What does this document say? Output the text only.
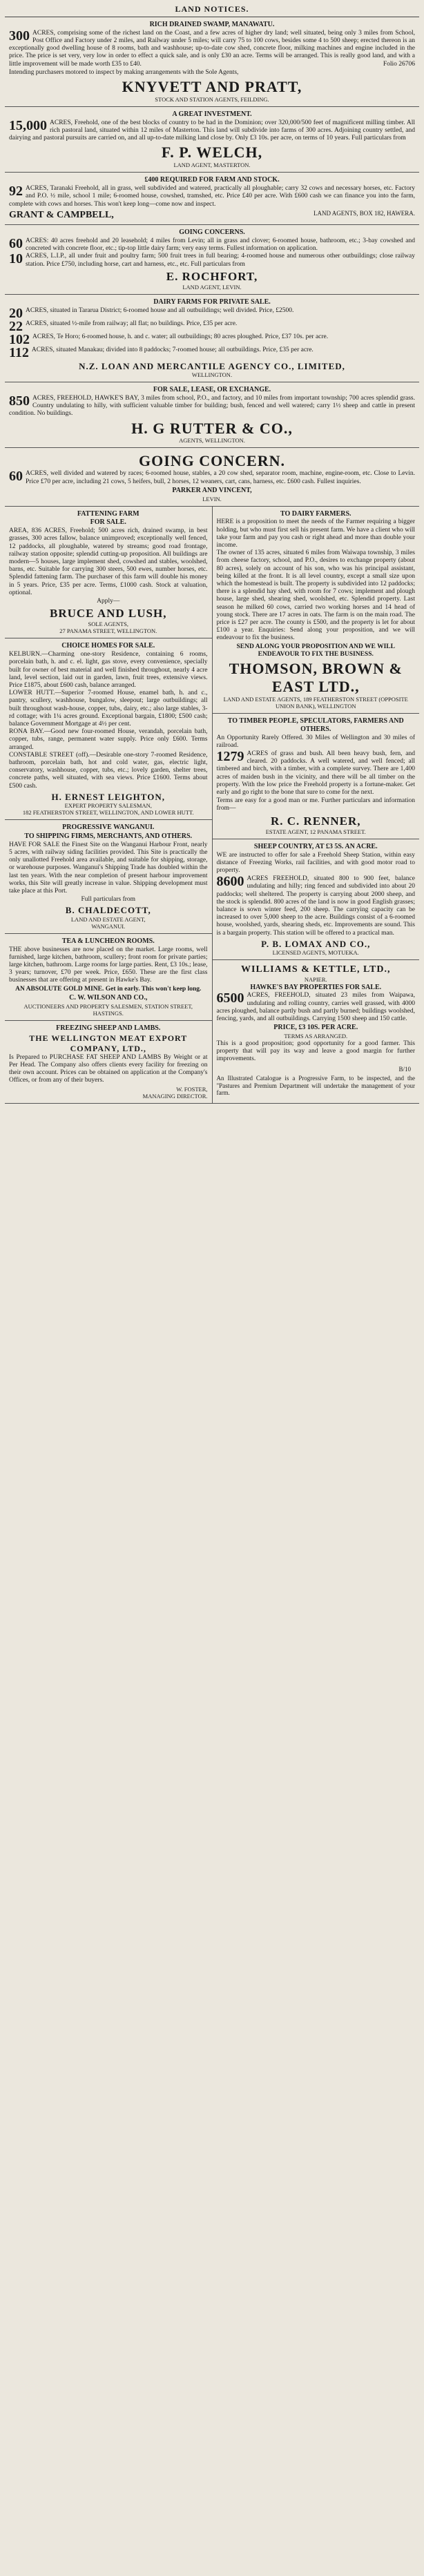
LAND NOTICES.
RICH DRAINED SWAMP, MANAWATU.
300 ACRES, comprising some of the richest land on the Coast, and a few acres of higher dry land; well situated, being only 3 miles from School, Post Office and Factory under 2 miles, and Railway under 5 miles; will carry 75 to 100 cows, besides some 4 to 500 sheep; erected thereon is an exceptionally good dwelling house of 8 rooms, bath and washhouse; up-to-date cow shed, concrete floor, milking machines and engine included in the price. The price is set very, very low in order to effect a quick sale, and is only £30 an acre. Terms will be arranged. This is really good land, and with a little improvement will be made worth £35 to £40.	Folio 26706

Intending purchasers motored to inspect by making arrangements with the Sole Agents,

KNYVETT AND PRATT,
STOCK AND STATION AGENTS, FEILDING.
A GREAT INVESTMENT.
15,000 ACRES, Freehold, one of the best blocks of country to be had in the Dominion; over 320,000/500 feet of magnificent milling timber. All rich pastoral land, situated within 12 miles of Masterton. This land will subdivide into farms of 300 acres. Adjoining country settled, and dairying and pastoral pursuits are carried on, and all up-to-date milking land close by. Only £3 10s. per acre, on terms of 10 years. Full particulars from
F. P. WELCH,
LAND AGENT, MASTERTON.
£400 REQUIRED FOR FARM AND STOCK.
92 ACRES, Taranaki Freehold, all in grass, well subdivided and watered, practically all ploughable; carry 32 cows and necessary horses, etc. Factory and P.O. ½ mile, school 1 mile; 6-roomed house, cowshed, tramshed, etc. Price £40 per acre. With £600 cash we can finance you into the farm, complete with cows and horses. This won't keep long—come now and inspect.
GRANT & CAMPBELL,	LAND AGENTS, BOX 182, HAWERA.
GOING CONCERNS.
60 ACRES: 40 acres freehold and 20 leasehold; 4 miles from Levin; all in grass and clover; 6-roomed house, bathroom, etc.; 3-bay cowshed and concreted with concrete floor, etc.; tip-top little dairy farm; very easy terms. Fullest information on application.
10 ACRES, L.I.P., all under fruit and poultry farm; 500 fruit trees in full bearing; 4-roomed house and numerous other outbuildings; close railway station. Price £750, including horse, cart and harness, etc., etc. Full particulars from
E. ROCHFORT,
LAND AGENT, LEVIN.
DAIRY FARMS FOR PRIVATE SALE.
20 ACRES, situated in Tararua District; 6-roomed house and all outbuildings; well divided. Price, £2500.
22 ACRES, situated ½-mile from railway; all flat; no buildings. Price, £35 per acre.
102 ACRES, Te Horo; 6-roomed house, h. and c. water; all outbuildings; 80 acres ploughed. Price, £37 10s. per acre.
112 ACRES, situated Manakau; divided into 8 paddocks; 7-roomed house; all outbuildings. Price, £35 per acre.
N.Z. LOAN AND MERCANTILE AGENCY CO., LIMITED,
WELLINGTON.
FOR SALE, LEASE, OR EXCHANGE.
850 ACRES, FREEHOLD, HAWKE'S BAY, 3 miles from school, P.O., and factory, and 10 miles from important township; 700 acres splendid grass. Country undulating to hilly, with sufficient valuable timber for building; bush, fenced and well watered; carry 1½ sheep and cattle in present condition. No buildings.
H. G RUTTER & CO.,
AGENTS, WELLINGTON.
GOING CONCERN.
60 ACRES, well divided and watered by races; 6-roomed house, stables, a 20 cow shed, separator room, machine, engine-room, etc. Close to Levin. Price £70 per acre, including 21 cows, 5 heifers, bull, 2 horses, 12 weaners, cart, cans, harness, etc. £600 cash. Fullest inquiries.
PARKER AND VINCENT,
LEVIN.
FATTENING FARM
FOR SALE.

AREA, 836 ACRES, Freehold; 500 acres rich, drained swamp, in best grasses, 300 acres fallow, balance unimproved; exceptionally well fenced, 12 paddocks, all ploughable, watered by streams; good road frontage, railway station opposite; splendid cutting-up proposition. All buildings are modern—5 houses, large implement shed, cowshed and stables, woolshed, barns, etc. Suitable for carrying 300 steers, 500 ewes, number horses, etc. Splendid fattening farm. The purchaser of this farm will double his money in 5 years. Price, £35 per acre. Terms, £1000 cash. Stock at valuation, optional.

Apply—

BRUCE AND LUSH,
SOLE AGENTS,
27 PANAMA STREET, WELLINGTON.
CHOICE HOMES FOR SALE.

KELBURN.—Charming one-story Residence, containing 6 rooms, porcelain bath, h. and c. el. light, gas stove, every convenience, specially built for owner of best material and well finished throughout, nearly 4 acre land, level section, laid out in garden, lawn, fruit trees, extensive views. Price £1875, about £600 cash, balance arranged.
LOWER HUTT.—Superior 7-roomed House, enamel bath, h. and c., pantry, scullery, washhouse, bungalow, sleepout; large outbuildings; all built throughout wash-house, copper, tubs, dairy, etc.; also large stables, 3-rd cottage; with 1¼ acres ground. Exceptional bargain, £1800; £500 cash; balance Government Mortgage at 4½ per cent.
RONA BAY.—Good new four-roomed House, verandah, porcelain bath, copper, tubs, range, permanent water supply. Price only £600. Terms arranged.
CONSTABLE STREET (off).—Desirable one-story 7-roomed Residence, bathroom, porcelain bath, hot and cold water, gas, electric light, conservatory, washhouse, copper, tubs, etc.; lovely garden, shelter trees, concrete paths, well situated, with sea views. Price £1600. Terms about £500 cash.

H. ERNEST LEIGHTON,
EXPERT PROPERTY SALESMAN,
182 FEATHERSTON STREET, WELLINGTON, AND LOWER HUTT.
PROGRESSIVE WANGANUI.
TO SHIPPING FIRMS, MERCHANTS, AND OTHERS.

HAVE FOR SALE the Finest Site on the Wanganui Harbour Front, nearly 5 acres, with railway siding facilities provided. This Site is practically the only unallotted Freehold area available, and suitable for shipping, storage, or warehouse purposes. Wanganui's Shipping Trade has doubled within the last ten years. With the near completion of present harbour improvement works, this Site will greatly increase in value. Shipping development must take place at this Port.

Full particulars from

B. CHALDECOTT,
LAND AND ESTATE AGENT,
WANGANUI.
TEA & LUNCHEON ROOMS.

THE above businesses are now placed on the market. Large rooms, well furnished, large kitchen, bathroom, scullery; front room for private parties; large kitchen, bathroom. Large rooms for large parties. Rent, £3 10s.; lease, 3 years; turnover, £70 per week. Price, £650. These are the first class businesses that are offering at present in Hawke's Bay.

AN ABSOLUTE GOLD MINE. Get in early. This won't keep long.

C. W. WILSON AND CO.,
AUCTIONEERS AND PROPERTY SALESMEN, STATION STREET, HASTINGS.
FREEZING SHEEP AND LAMBS.
THE WELLINGTON MEAT EXPORT COMPANY, LTD.,

Is Prepared to PURCHASE FAT SHEEP AND LAMBS By Weight or at Per Head. The Company also offers clients every facility for freezing on their own account. Prices can be obtained on application at the Company's Offices, or from any of their buyers.

W. FOSTER,
MANAGING DIRECTOR.
TO DAIRY FARMERS.

HERE is a proposition to meet the needs of the Farmer requiring a bigger holding, but who must first sell his present farm. We have a client who will take your farm and pay you cash or right ahead and more than double your income.
The owner of 135 acres, situated 6 miles from Waiwapa township, 3 miles from cheese factory, school, and P.O., desires to exchange property (about 80 acres), solely on account of his son, who was his principal assistant, being killed at the front. It is all level country, except a small size upon which the homestead is built. The property is subdivided into 12 paddocks; there is a splendid hay shed, with room for 7 cows; implement and plough house, large shed, shearing shed, woolshed, etc. Splendid property. Last season he milked 60 cows, carried two working horses and 14 head of young stock. There are 17 acres in oats. The farm is on the main road. The price is £27 per acre. The county is £500, and the property is let for about £100 a year. Enquiries: Send along your proposition, and we will endeavour to fix the business.

SEND ALONG YOUR PROPOSITION AND WE WILL ENDEAVOUR TO FIX THE BUSINESS.

THOMSON, BROWN & EAST LTD.,
LAND AND ESTATE AGENTS, 189 FEATHERSTON STREET (OPPOSITE UNION BANK), WELLINGTON
TO TIMBER PEOPLE, SPECULATORS, FARMERS AND OTHERS.

An Opportunity Rarely Offered. 30 Miles of Wellington and 30 miles of railroad.

1279 ACRES of grass and bush. All been heavy bush, fern, and cleared. 20 paddocks. A well watered, and well fenced; all timbered and birch, with a timber, with a complete survey. There are 1,400 acres of maiden bush in the vicinity, and there will be all timber on the property. With the low price the Freehold property is a fortune-maker. Get early and go right to the bone that sure to come for the next.

Terms are easy for a good man or me. Further particulars and information from—

R. C. RENNER,
ESTATE AGENT, 12 PANAMA STREET.
SHEEP COUNTRY, AT £3 5S. AN ACRE.

WE are instructed to offer for sale a Freehold Sheep Station, within easy distance of Freezing Works, rail facilities, and with good motor road to property.

8600 ACRES FREEHOLD, situated 800 to 900 feet, balance undulating and hilly; ring fenced and subdivided into about 20 paddocks; well sheltered. The property is carrying about 2000 sheep, and the stock is splendid. 800 acres of the land is now in good English grasses; balance is sown winter feed, 200 sheep. The carrying capacity can be increased to over 5,000 sheep to the acre. Buildings consist of a 6-roomed house, woolshed, yards, shearing sheds, etc. Improvements are sound. This is a bargain property. This station will be offered to a practical man.
P. B. LOMAX AND CO.,
LICENSED AGENTS, MOTUEKA.
WILLIAMS & KETTLE, LTD.,
NAPIER.
HAWKE'S BAY PROPERTIES FOR SALE.
6500 ACRES, FREEHOLD, situated 23 miles from Waipawa, undulating and rolling country, carries well grassed, with 4000 acres ploughed, balance partly bush and partly burned; buildings woolshed, fencing, yards, and all outbuildings. Carrying 1500 sheep and 150 cattle.
PRICE, £3 10S. PER ACRE.
TERMS AS ARRANGED.

This is a good proposition; good opportunity for a good farmer. This property that will pay its way and leave a good margin for further improvements.

B/10

An Illustrated Catalogue is a Progressive Farm, to be inspected, and the "Pastures and Premium Department will undertake the management of your farm.
